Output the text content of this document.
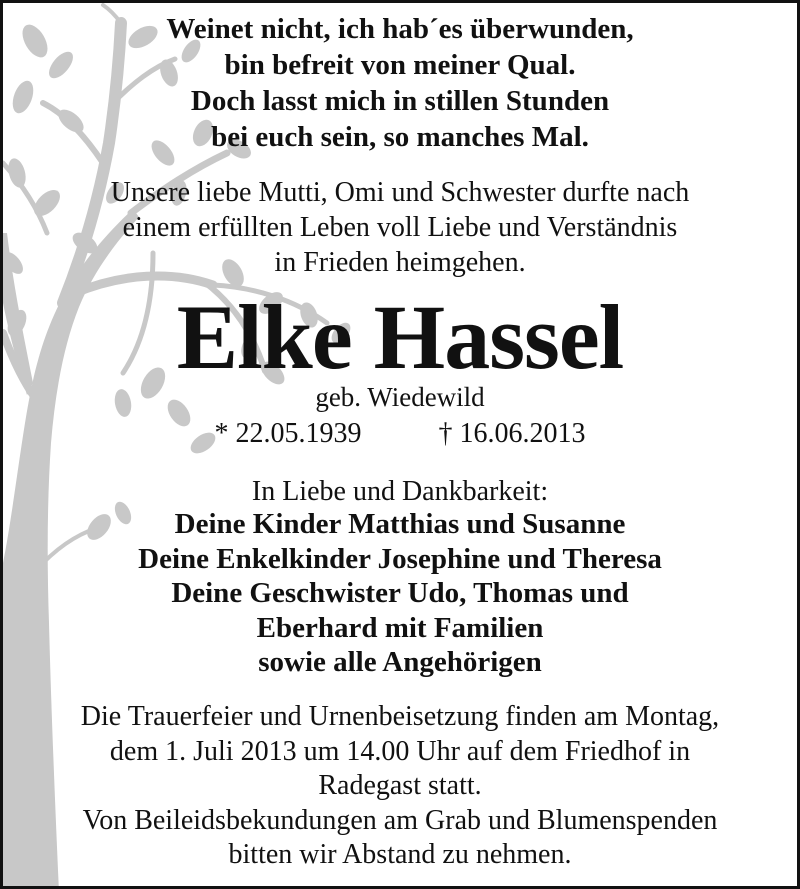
Weinet nicht, ich hab´es überwunden,
bin befreit von meiner Qual.
Doch lasst mich in stillen Stunden
bei euch sein, so manches Mal.
Unsere liebe Mutti, Omi und Schwester durfte nach
einem erfüllten Leben voll Liebe und Verständnis
in Frieden heimgehen.
Elke Hassel
geb. Wiedewild
* 22.05.1939	† 16.06.2013
In Liebe und Dankbarkeit:
Deine Kinder Matthias und Susanne
Deine Enkelkinder Josephine und Theresa
Deine Geschwister Udo, Thomas und
Eberhard mit Familien
sowie alle Angehörigen
Die Trauerfeier und Urnenbeisetzung finden am Montag,
dem 1. Juli 2013 um 14.00 Uhr auf dem Friedhof in
Radegast statt.
Von Beileidsbekundungen am Grab und Blumenspenden
bitten wir Abstand zu nehmen.
